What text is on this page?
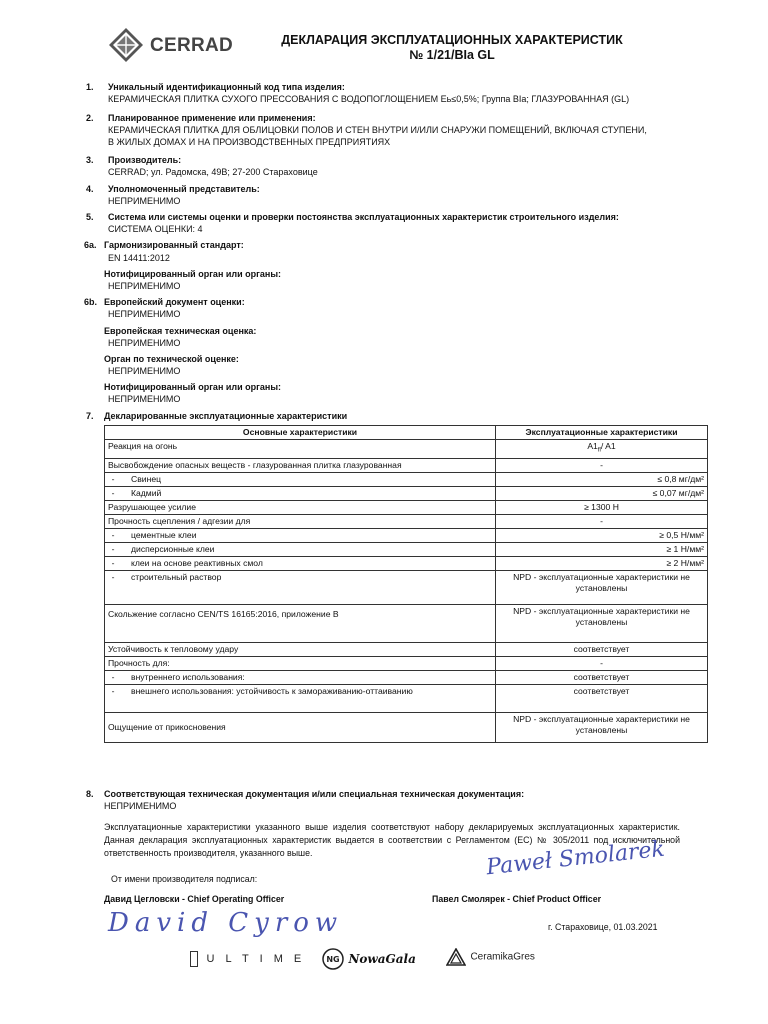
CERRAD	ДЕКЛАРАЦИЯ ЭКСПЛУАТАЦИОННЫХ ХАРАКТЕРИСТИК
№ 1/21/BIa GL
1. Уникальный идентификационный код типа изделия:
КЕРАМИЧЕСКАЯ ПЛИТКА СУХОГО ПРЕССОВАНИЯ С ВОДОПОГЛОЩЕНИЕМ Eь≤0,5%; Группа BIa; ГЛАЗУРОВАННАЯ (GL)
2. Планированное применение или применения:
КЕРАМИЧЕСКАЯ ПЛИТКА ДЛЯ ОБЛИЦОВКИ ПОЛОВ И СТЕН ВНУТРИ И/ИЛИ СНАРУЖИ ПОМЕЩЕНИЙ, ВКЛЮЧАЯ СТУПЕНИ,
В ЖИЛЫХ ДОМАХ И НА ПРОИЗВОДСТВЕННЫХ ПРЕДПРИЯТИЯХ
3. Производитель:
CERRAD; ул. Радомска, 49В; 27-200 Стараховице
4. Уполномоченный представитель:
НЕПРИМЕНИМО
5. Система или системы оценки и проверки постоянства эксплуатационных характеристик строительного изделия:
СИСТЕМА ОЦЕНКИ: 4
6a. Гармонизированный стандарт:
EN 14411:2012
Нотифицированный орган или органы:
НЕПРИМЕНИМО
6b. Европейский документ оценки:
НЕПРИМЕНИМО
Европейская техническая оценка:
НЕПРИМЕНИМО
Орган по технической оценке:
НЕПРИМЕНИМО
Нотифицированный орган или органы:
НЕПРИМЕНИМО
7. Декларированные эксплуатационные характеристики
Основные характеристики		Эксплуатационные характеристики
Реакция на огонь		$A1_{fl}/$ A1
Высвобождение опасных веществ - глазурованная плитка глазурованная		-
-	Свинец	≤ 0,8 мг/дм²
-	Кадмий	≤ 0,07 мг/дм²
Разрушающее усилие		≥ 1300 Н
Прочность сцепления / адгезии для		-
-	цементные клеи	≥ 0,5 Н/мм²
-	дисперсионные клеи	≥ 1 Н/мм²
-	клеи на основе реактивных смол	≥ 2 Н/мм²
-	строительный раствор	NPD - эксплуатационные характеристики не установлены
Скольжение согласно CEN/TS 16165:2016, приложение В		NPD - эксплуатационные характеристики не установлены
Устойчивость к тепловому удару		соответствует
Прочность для:		-
-	внутреннего использования:	соответствует
-	внешнего использования: устойчивость к замораживанию-оттаиванию	соответствует
Ощущение от прикосновения		NPD - эксплуатационные характеристики не установлены
8. Соответствующая техническая документация и/или специальная техническая документация:
НЕПРИМЕНИМО
Эксплуатационные характеристики указанного выше изделия соответствуют набору декларируемых эксплуатационных характеристик. Данная декларация эксплуатационных характеристик выдается в соответствии с Регламентом (ЕС) № 305/2011 под исключительной ответственность производителя, указанного выше.	Paweł Smolarek
От имени производителя подписал:
Давид Цегловски - Chief Operating Officer	Павел Смолярек - Chief Product Officer
David Cyrow	г. Стараховице, 01.03.2021
U L T I M E	NG NowaGala	CeramikaGres
